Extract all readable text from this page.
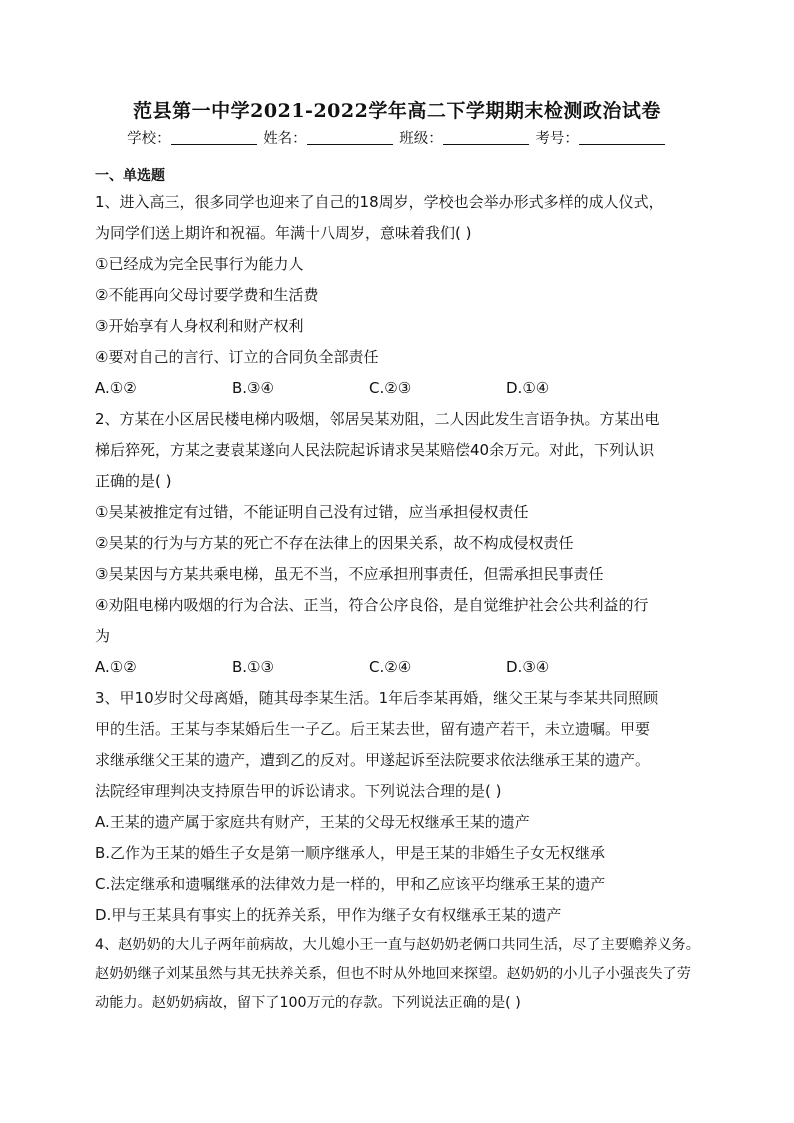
范县第一中学2021-2022学年高二下学期期末检测政治试卷
学校：	姓名：	班级：	考号：
一、单选题
1、进入高三，很多同学也迎来了自己的18周岁，学校也会举办形式多样的成人仪式，
为同学们送上期许和祝福。年满十八周岁，意味着我们( )
①已经成为完全民事行为能力人
②不能再向父母讨要学费和生活费
③开始享有人身权利和财产权利
④要对自己的言行、订立的合同负全部责任
A.①②	B.③④	C.②③	D.①④
2、方某在小区居民楼电梯内吸烟，邻居吴某劝阻，二人因此发生言语争执。方某出电
梯后猝死，方某之妻袁某遂向人民法院起诉请求吴某赔偿40余万元。对此，下列认识
正确的是( )
①吴某被推定有过错，不能证明自己没有过错，应当承担侵权责任
②吴某的行为与方某的死亡不存在法律上的因果关系，故不构成侵权责任
③吴某因与方某共乘电梯，虽无不当，不应承担刑事责任，但需承担民事责任
④劝阻电梯内吸烟的行为合法、正当，符合公序良俗，是自觉维护社会公共利益的行
为
A.①②	B.①③	C.②④	D.③④
3、甲10岁时父母离婚，随其母李某生活。1年后李某再婚，继父王某与李某共同照顾
甲的生活。王某与李某婚后生一子乙。后王某去世，留有遗产若干，未立遗嘱。甲要
求继承继父王某的遗产，遭到乙的反对。甲遂起诉至法院要求依法继承王某的遗产。
法院经审理判决支持原告甲的诉讼请求。下列说法合理的是( )
A.王某的遗产属于家庭共有财产，王某的父母无权继承王某的遗产
B.乙作为王某的婚生子女是第一顺序继承人，甲是王某的非婚生子女无权继承
C.法定继承和遗嘱继承的法律效力是一样的，甲和乙应该平均继承王某的遗产
D.甲与王某具有事实上的抚养关系，甲作为继子女有权继承王某的遗产
4、赵奶奶的大儿子两年前病故，大儿媳小王一直与赵奶奶老俩口共同生活，尽了主要赡养义务。
赵奶奶继子刘某虽然与其无扶养关系，但也不时从外地回来探望。赵奶奶的小儿子小强丧失了劳
动能力。赵奶奶病故，留下了100万元的存款。下列说法正确的是( )
